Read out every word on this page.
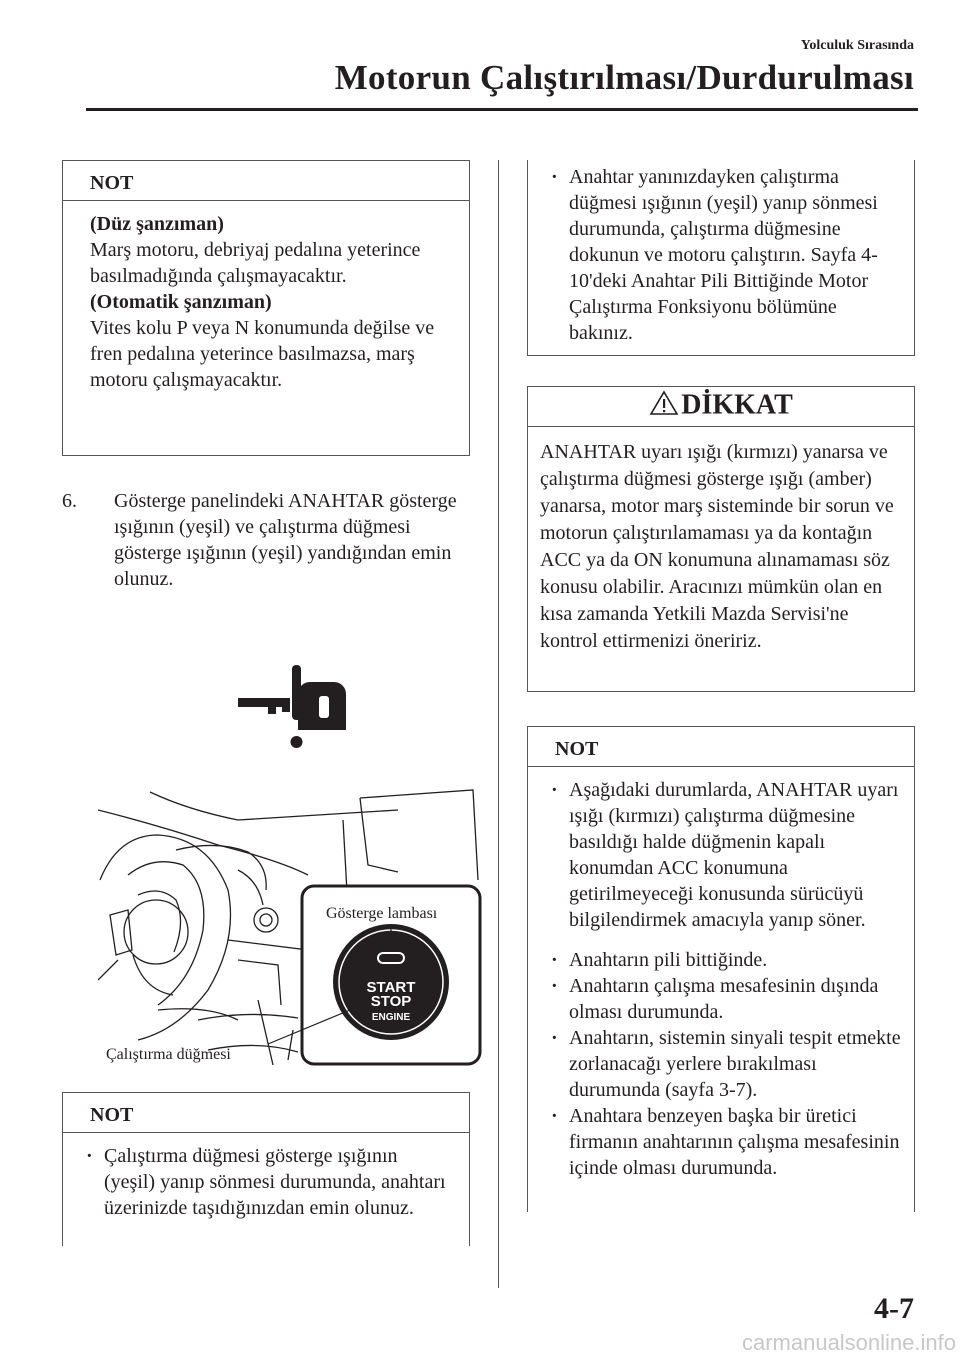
Yolculuk Sırasında
Motorun Çalıştırılması/Durdurulması
NOT
(Düz şanzıman)
Marş motoru, debriyaj pedalına yeterince basılmadığında çalışmayacaktır.
(Otomatik şanzıman)
Vites kolu P veya N konumunda değilse ve fren pedalına yeterince basılmazsa, marş motoru çalışmayacaktır.
6.	Gösterge panelindeki ANAHTAR gösterge ışığının (yeşil) ve çalıştırma düğmesi gösterge ışığının (yeşil) yandığından emin olunuz.
START
STOP
ENGINE
Gösterge lambası
Çalıştırma düğmesi
NOT
· Çalıştırma düğmesi gösterge ışığının (yeşil) yanıp sönmesi durumunda, anahtarı üzerinizde taşıdığınızdan emin olunuz.
· Anahtar yanınızdayken çalıştırma düğmesi ışığının (yeşil) yanıp sönmesi durumunda, çalıştırma düğmesine dokunun ve motoru çalıştırın. Sayfa 4-10'deki Anahtar Pili Bittiğinde Motor Çalıştırma Fonksiyonu bölümüne bakınız.
DİKKAT
ANAHTAR uyarı ışığı (kırmızı) yanarsa ve çalıştırma düğmesi gösterge ışığı (amber) yanarsa, motor marş sisteminde bir sorun ve motorun çalıştırılamaması ya da kontağın ACC ya da ON konumuna alınamaması söz konusu olabilir. Aracınızı mümkün olan en kısa zamanda Yetkili Mazda Servisi'ne kontrol ettirmenizi öneririz.
NOT
· Aşağıdaki durumlarda, ANAHTAR uyarı ışığı (kırmızı) çalıştırma düğmesine basıldığı halde düğmenin kapalı konumdan ACC konumuna getirilmeyeceği konusunda sürücüyü bilgilendirmek amacıyla yanıp söner.
· Anahtarın pili bittiğinde.
· Anahtarın çalışma mesafesinin dışında olması durumunda.
· Anahtarın, sistemin sinyali tespit etmekte zorlanacağı yerlere bırakılması durumunda (sayfa 3-7).
· Anahtara benzeyen başka bir üretici firmanın anahtarının çalışma mesafesinin içinde olması durumunda.
4-7
carmanualsonline.info
